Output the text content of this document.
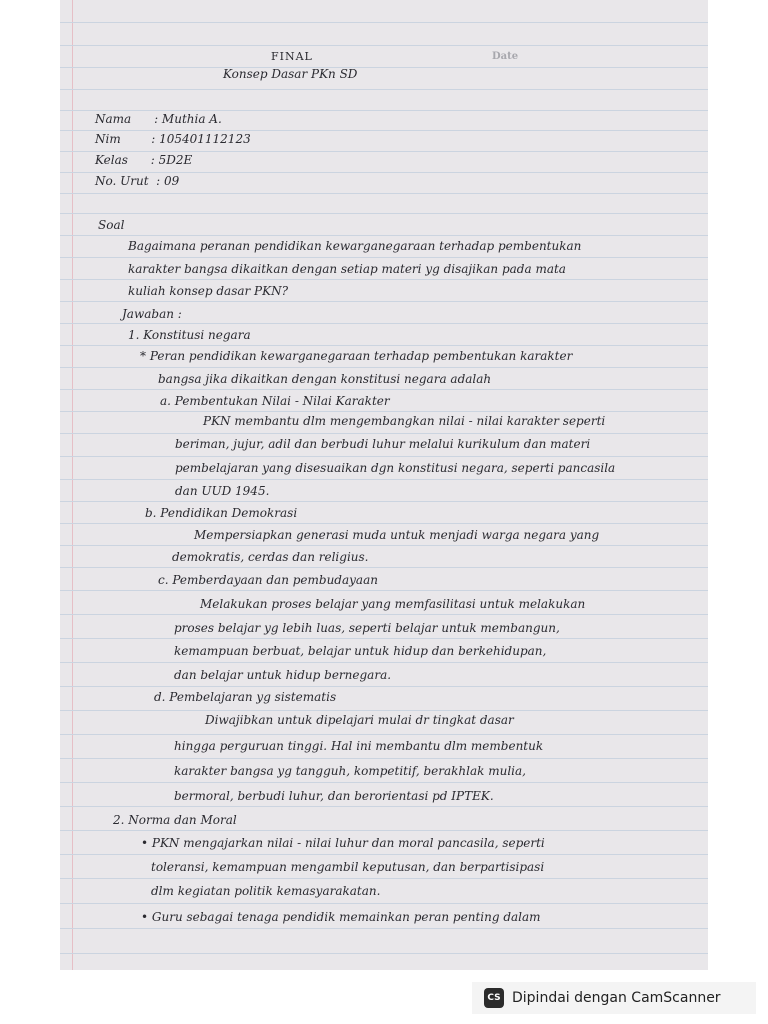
FINAL	Date
Konsep Dasar PKn SD
Nama      : Muthia A.
Nim        : 105401112123
Kelas      : 5D2E
No. Urut  : 09
Soal
Bagaimana peranan pendidikan kewarganegaraan terhadap pembentukan
karakter bangsa dikaitkan dengan setiap materi yg disajikan pada mata
kuliah konsep dasar PKN?
Jawaban :
1. Konstitusi negara
* Peran pendidikan kewarganegaraan terhadap pembentukan karakter
bangsa jika dikaitkan dengan konstitusi negara adalah
a. Pembentukan Nilai - Nilai Karakter
PKN membantu dlm mengembangkan nilai - nilai karakter seperti
beriman, jujur, adil dan berbudi luhur melalui kurikulum dan materi
pembelajaran yang disesuaikan dgn konstitusi negara, seperti pancasila
dan UUD 1945.
b. Pendidikan Demokrasi
Mempersiapkan generasi muda untuk menjadi warga negara yang
demokratis, cerdas dan religius.
c. Pemberdayaan dan pembudayaan
Melakukan proses belajar yang memfasilitasi untuk melakukan
proses belajar yg lebih luas, seperti belajar untuk membangun,
kemampuan berbuat, belajar untuk hidup dan berkehidupan,
dan belajar untuk hidup bernegara.
d. Pembelajaran yg sistematis
Diwajibkan untuk dipelajari mulai dr tingkat dasar
hingga perguruan tinggi. Hal ini membantu dlm membentuk
karakter bangsa yg tangguh, kompetitif, berakhlak mulia,
bermoral, berbudi luhur, dan berorientasi pd IPTEK.
2. Norma dan Moral
• PKN mengajarkan nilai - nilai luhur dan moral pancasila, seperti
toleransi, kemampuan mengambil keputusan, dan berpartisipasi
dlm kegiatan politik kemasyarakatan.
• Guru sebagai tenaga pendidik memainkan peran penting dalam
CS Dipindai dengan CamScanner
